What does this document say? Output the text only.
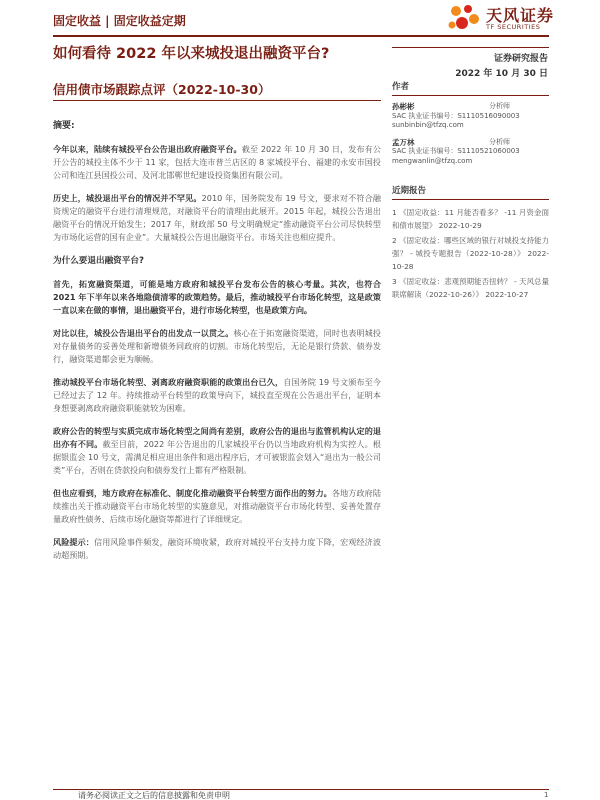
固定收益 | 固定收益定期	天风证券
TF SECURITIES
如何看待 2022 年以来城投退出融资平台?	证券研究报告
2022 年 10 月 30 日
信用债市场跟踪点评（2022-10-30）
摘要:

今年以来，陆续有城投平台公告退出政府融资平台。截至 2022 年 10 月 30 日，发布有公开公告的城投主体不少于 11 家，包括大连市普兰店区的 8 家城投平台、福建的永安市国投公司和连江县国投公司、及河北邯郸世纪建设投资集团有限公司。

历史上，城投退出平台的情况并不罕见。2010 年，国务院发布 19 号文，要求对不符合融资规定的融资平台进行清理规范，对融资平台的清理由此展开。2015 年起，城投公告退出融资平台的情况开始发生；2017 年，财政部 50 号文明确规定“推动融资平台公司尽快转型为市场化运营的国有企业”。大量城投公告退出融资平台。市场关注也相应提升。

为什么要退出融资平台?

首先，拓宽融资渠道，可能是地方政府和城投平台发布公告的核心考量。其次，也符合 2021 年下半年以来各地隐债清零的政策趋势。最后，推动城投平台市场化转型，这是政策一直以来在做的事情，退出融资平台，进行市场化转型，也是政策方向。

对比以往，城投公告退出平台的出发点一以贯之。核心在于拓宽融资渠道，同时也表明城投对存量债务的妥善处理和新增债务同政府的切割。市场化转型后，无论是银行贷款、债券发行，融资渠道都会更为顺畅。

推动城投平台市场化转型、剥离政府融资职能的政策出台已久，自国务院 19 号文颁布至今已经过去了 12 年。持续推动平台转型的政策导向下，城投直至现在公告退出平台，证明本身想要剥离政府融资职能就较为困难。

政府公告的转型与实质完成市场化转型之间尚有差别，政府公告的退出与监管机构认定的退出亦有不同。截至目前，2022 年公告退出的几家城投平台仍以当地政府机构为实控人。根据银监会 10 号文，需满足相应退出条件和退出程序后，才可被银监会划入“退出为一般公司类”平台，否则在贷款投向和债券发行上都有严格限制。

但也应看到，地方政府在标准化、制度化推动融资平台转型方面作出的努力。各地方政府陆续推出关于推动融资平台市场化转型的实施意见，对推动融资平台市场化转型、妥善处置存量政府性债务、后续市场化融资等都进行了详细规定。

风险提示：信用风险事件频发，融资环境收紧，政府对城投平台支持力度下降，宏观经济波动超预期。

作者
孙彬彬	分析师
SAC 执业证书编号：S1110516090003
sunbinbin@tfzq.com
孟万林	分析师
SAC 执业证书编号：S1110521060003
mengwanlin@tfzq.com
近期报告
1 《固定收益：11 月能否看多？ -11 月资金面和债市展望》 2022-10-29
2 《固定收益：哪些区域的银行对城投支持能力强？ - 城投专题报告（2022-10-28）》 2022-10-28
3 《固定收益：悲观预期能否扭转？ - 天风总量联席解读（2022-10-26）》 2022-10-27
请务必阅读正文之后的信息披露和免责申明	1
